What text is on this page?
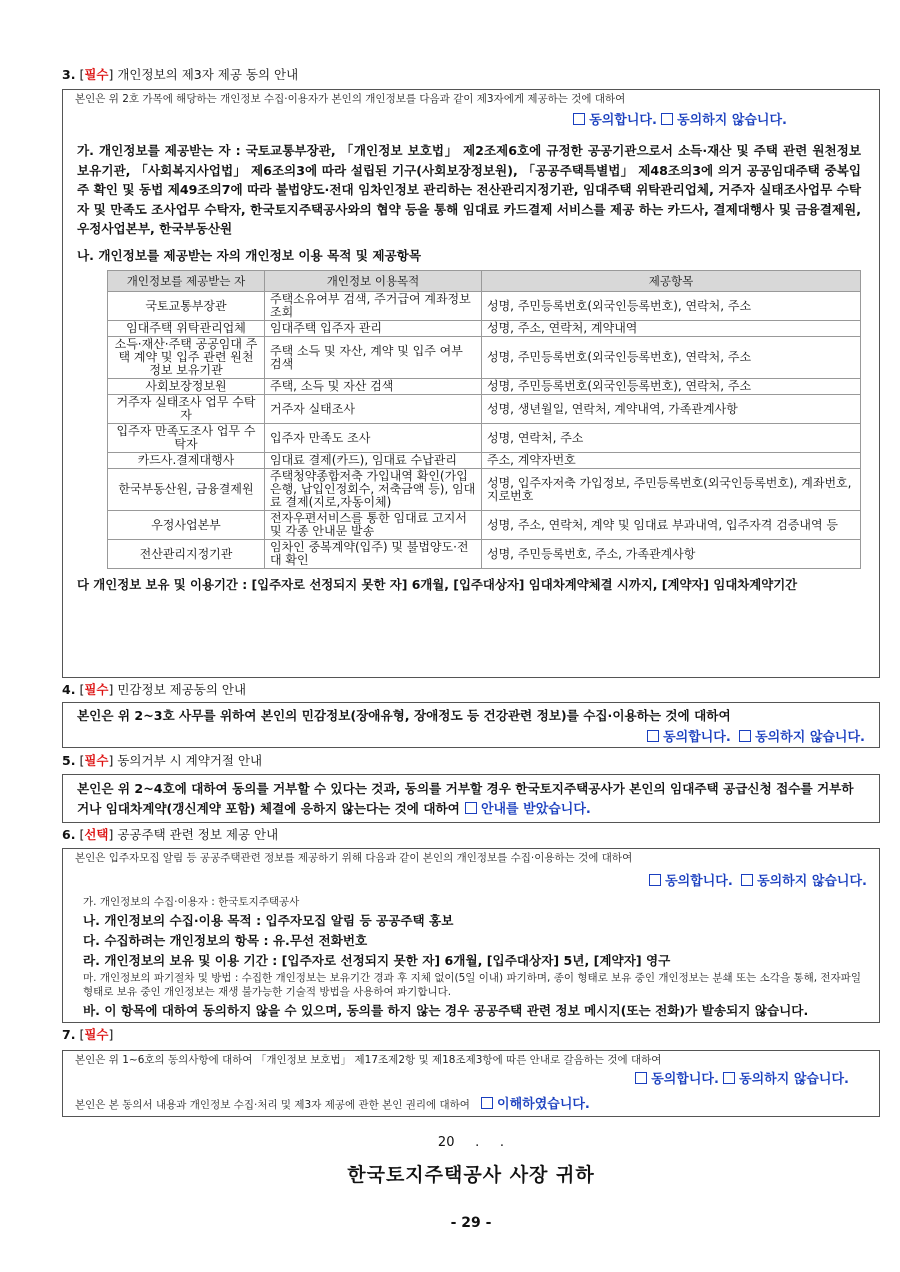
3. [필수] 개인정보의 제3자 제공 동의 안내

본인은 위 2호 가목에 해당하는 개인정보 수집·이용자가 본인의 개인정보를 다음과 같이 제3자에게 제공하는 것에 대하여
동의합니다. 동의하지 않습니다.
가. 개인정보를 제공받는 자 : 국토교통부장관, 「개인정보 보호법」 제2조제6호에 규정한 공공기관으로서 소득·재산 및 주택 관련 원천정보 보유기관, 「사회복지사업법」 제6조의3에 따라 설립된 기구(사회보장정보원), 「공공주택특별법」 제48조의3에 의거 공공임대주택 중복입주 확인 및 동법 제49조의7에 따라 불법양도·전대 임차인정보 관리하는 전산관리지정기관, 임대주택 위탁관리업체, 거주자 실태조사업무 수탁자 및 만족도 조사업무 수탁자, 한국토지주택공사와의 협약 등을 통해 임대료 카드결제 서비스를 제공 하는 카드사, 결제대행사 및 금융결제원, 우정사업본부, 한국부동산원
나. 개인정보를 제공받는 자의 개인정보 이용 목적 및 제공항목
개인정보를 제공받는 자	개인정보 이용목적	제공항목
국토교통부장관	주택소유여부 검색, 주거급여 계좌정보조회	성명, 주민등록번호(외국인등록번호), 연락처, 주소
임대주택 위탁관리업체	임대주택 입주자 관리	성명, 주소, 연락처, 계약내역
소득·재산·주택 공공임대 주택 계약 및 입주 관련 원천정보 보유기관	주택 소득 및 자산, 계약 및 입주 여부 검색	성명, 주민등록번호(외국인등록번호), 연락처, 주소
사회보장정보원	주택, 소득 및 자산 검색	성명, 주민등록번호(외국인등록번호), 연락처, 주소
거주자 실태조사 업무 수탁자	거주자 실태조사	성명, 생년월일, 연락처, 계약내역, 가족관계사항
입주자 만족도조사 업무 수탁자	입주자 만족도 조사	성명, 연락처, 주소
카드사.결제대행사	임대료 결제(카드), 임대료 수납관리	주소, 계약자번호
한국부동산원, 금융결제원	주택청약종합저축 가입내역 확인(가입은행, 납입인정회수, 저축금액 등), 임대료 결제(지로,자동이체)	성명, 입주자저축 가입정보, 주민등록번호(외국인등록번호), 계좌번호, 지로번호
우정사업본부	전자우편서비스를 통한 임대료 고지서 및 각종 안내문 발송	성명, 주소, 연락처, 계약 및 임대료 부과내역, 입주자격 검증내역 등
전산관리지정기관	임차인 중복계약(입주) 및 불법양도·전대 확인	성명, 주민등록번호, 주소, 가족관계사항
다 개인정보 보유 및 이용기간 : [입주자로 선정되지 못한 자] 6개월, [입주대상자] 임대차계약체결 시까지, [계약자] 임대차계약기간

4. [필수] 민감정보 제공동의 안내

본인은 위 2~3호 사무를 위하여 본인의 민감정보(장애유형, 장애정도 등 건강관련 정보)를 수집·이용하는 것에 대하여
동의합니다. 동의하지 않습니다.

5. [필수] 동의거부 시 계약거절 안내

본인은 위 2~4호에 대하여 동의를 거부할 수 있다는 것과, 동의를 거부할 경우 한국토지주택공사가 본인의 임대주택 공급신청 접수를 거부하거나 임대차계약(갱신계약 포함) 체결에 응하지 않는다는 것에 대하여 안내를 받았습니다.

6. [선택] 공공주택 관련 정보 제공 안내

본인은 입주자모집 알림 등 공공주택관련 정보를 제공하기 위해 다음과 같이 본인의 개인정보를 수집·이용하는 것에 대하여
동의합니다. 동의하지 않습니다.
가. 개인정보의 수집·이용자 : 한국토지주택공사
나. 개인정보의 수집·이용 목적 : 입주자모집 알림 등 공공주택 홍보
다. 수집하려는 개인정보의 항목 : 유.무선 전화번호
라. 개인정보의 보유 및 이용 기간 : [입주자로 선정되지 못한 자] 6개월, [입주대상자] 5년, [계약자] 영구
마. 개인정보의 파기절차 및 방법 : 수집한 개인정보는 보유기간 경과 후 지체 없이(5일 이내) 파기하며, 종이 형태로 보유 중인 개인정보는 분쇄 또는 소각을 통해, 전자파일 형태로 보유 중인 개인정보는 재생 불가능한 기술적 방법을 사용하여 파기합니다.
바. 이 항목에 대하여 동의하지 않을 수 있으며, 동의를 하지 않는 경우 공공주택 관련 정보 메시지(또는 전화)가 발송되지 않습니다.

7. [필수]

본인은 위 1~6호의 동의사항에 대하여 「개인정보 보호법」 제17조제2항 및 제18조제3항에 따른 안내로 갈음하는 것에 대하여
동의합니다. 동의하지 않습니다.
본인은 본 동의서 내용과 개인정보 수집·처리 및 제3자 제공에 관한 본인 권리에 대하여 이해하였습니다.
20     .     .
한국토지주택공사 사장 귀하
- 29 -
